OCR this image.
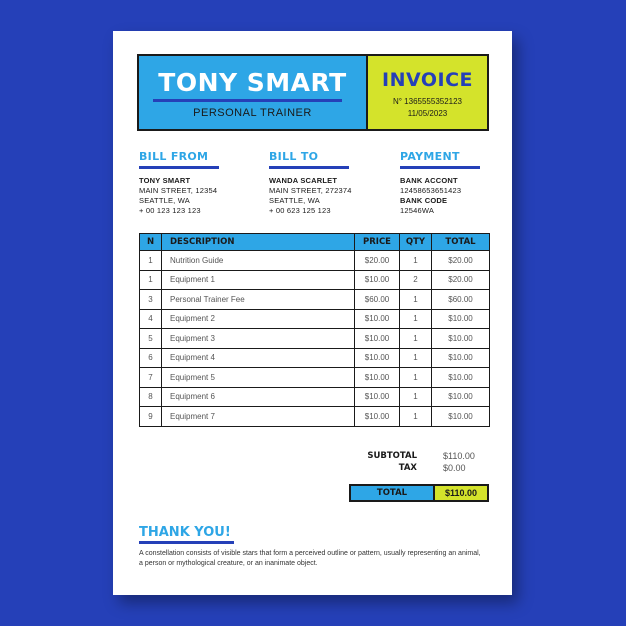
TONY SMART
PERSONAL TRAINER
INVOICE
N° 1365555352123
11/05/2023
BILL FROM
TONY SMART
MAIN STREET, 12354
SEATTLE, WA
+ 00 123 123 123
BILL TO
WANDA SCARLET
MAIN STREET, 272374
SEATTLE, WA
+ 00 623 125 123
PAYMENT
BANK ACCONT
12458653651423
BANK CODE
12546WA
N	DESCRIPTION	PRICE	QTY	TOTAL
1	Nutrition Guide	$20.00	1	$20.00
1	Equipment 1	$10.00	2	$20.00
3	Personal Trainer Fee	$60.00	1	$60.00
4	Equipment 2	$10.00	1	$10.00
5	Equipment 3	$10.00	1	$10.00
6	Equipment 4	$10.00	1	$10.00
7	Equipment 5	$10.00	1	$10.00
8	Equipment 6	$10.00	1	$10.00
9	Equipment 7	$10.00	1	$10.00
SUBTOTAL	$110.00
TAX	$0.00
TOTAL	$110.00
THANK YOU!
A constellation consists of visible stars that form a perceived outline or pattern, usually representing an animal, a person or mythological creature, or an inanimate object.
